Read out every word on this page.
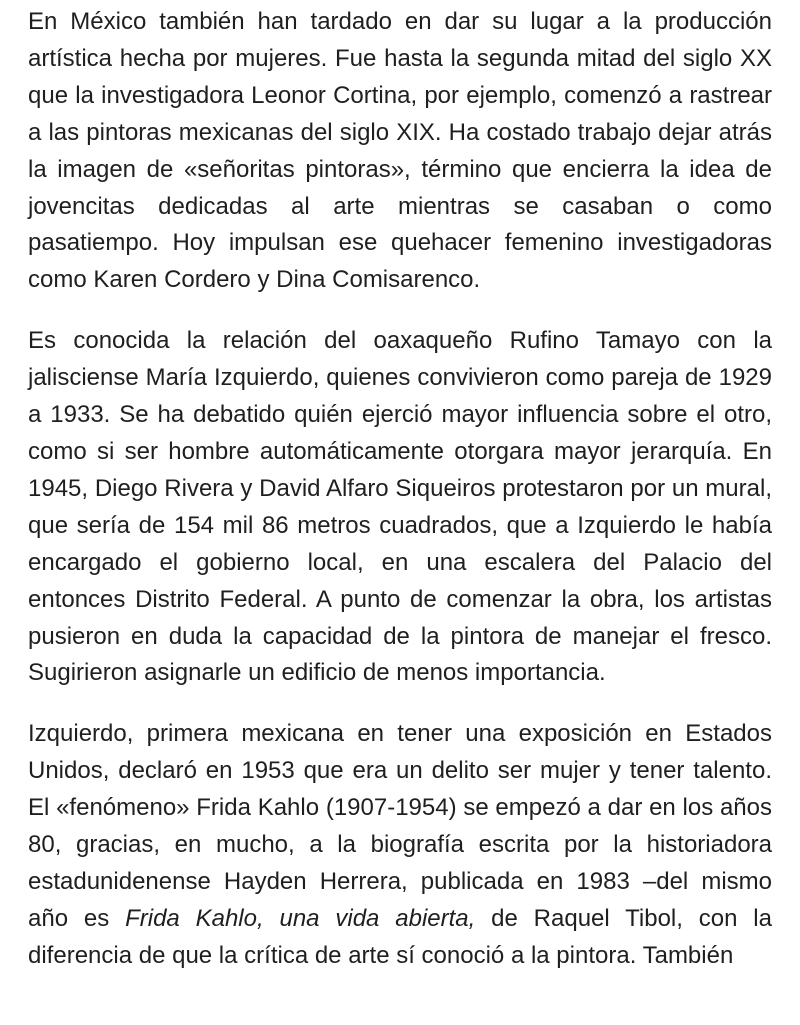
En México también han tardado en dar su lugar a la producción artística hecha por mujeres. Fue hasta la segunda mitad del siglo XX que la investigadora Leonor Cortina, por ejemplo, comenzó a rastrear a las pintoras mexicanas del siglo XIX. Ha costado trabajo dejar atrás la imagen de «señoritas pintoras», término que encierra la idea de jovencitas dedicadas al arte mientras se casaban o como pasatiempo. Hoy impulsan ese quehacer femenino investigadoras como Karen Cordero y Dina Comisarenco.

Es conocida la relación del oaxaqueño Rufino Tamayo con la jalisciense María Izquierdo, quienes convivieron como pareja de 1929 a 1933. Se ha debatido quién ejerció mayor influencia sobre el otro, como si ser hombre automáticamente otorgara mayor jerarquía. En 1945, Diego Rivera y David Alfaro Siqueiros protestaron por un mural, que sería de 154 mil 86 metros cuadrados, que a Izquierdo le había encargado el gobierno local, en una escalera del Palacio del entonces Distrito Federal. A punto de comenzar la obra, los artistas pusieron en duda la capacidad de la pintora de manejar el fresco. Sugirieron asignarle un edificio de menos importancia.

Izquierdo, primera mexicana en tener una exposición en Estados Unidos, declaró en 1953 que era un delito ser mujer y tener talento. El «fenómeno» Frida Kahlo (1907-1954) se empezó a dar en los años 80, gracias, en mucho, a la biografía escrita por la historiadora estadunidenense Hayden Herrera, publicada en 1983 –del mismo año es Frida Kahlo, una vida abierta, de Raquel Tibol, con la diferencia de que la crítica de arte sí conoció a la pintora. También
